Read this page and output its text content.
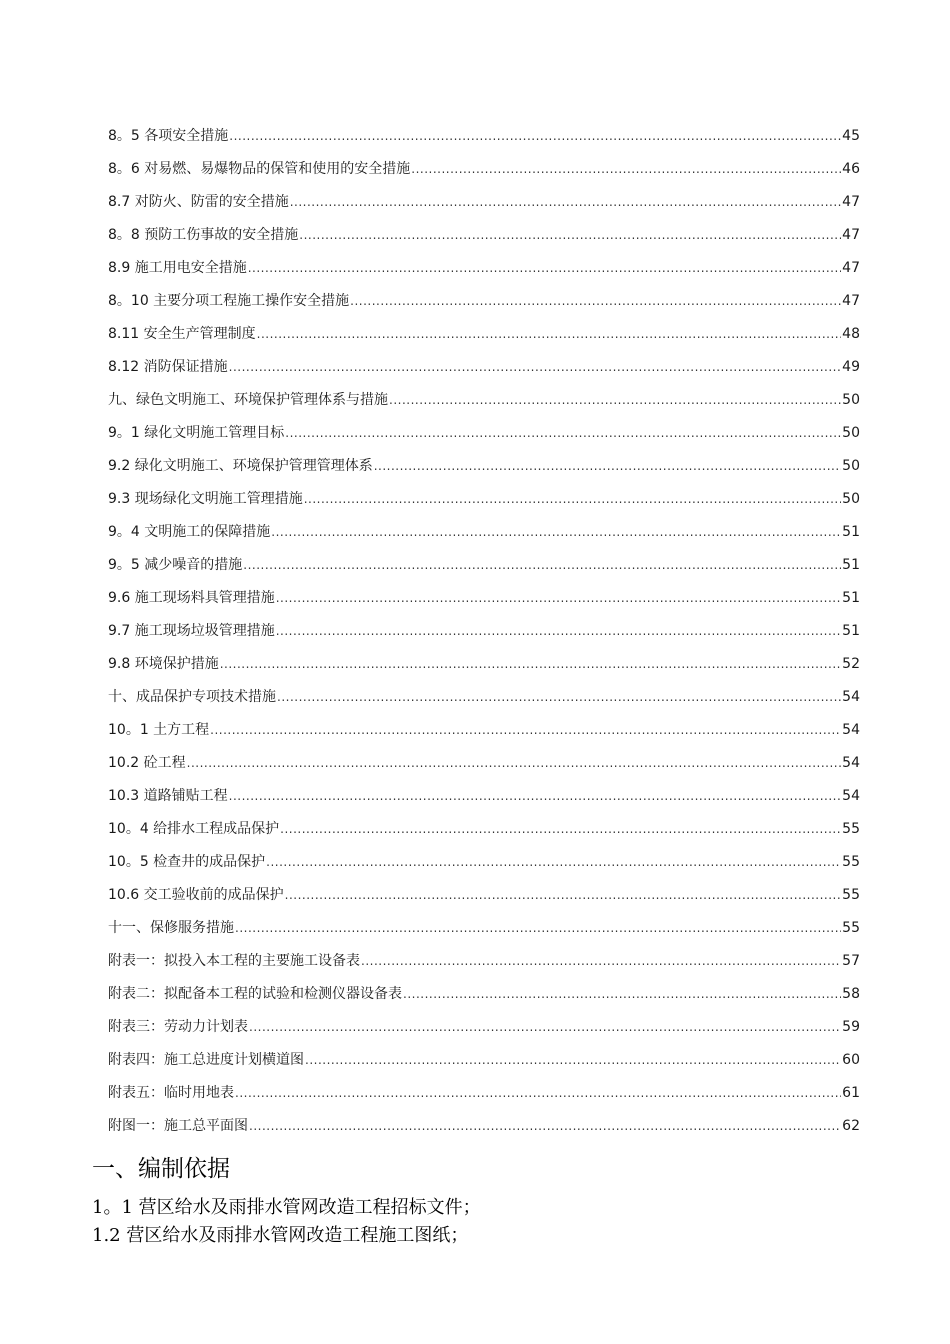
8。5 各项安全措施 .....	45
8。6 对易燃、易爆物品的保管和使用的安全措施 .....	46
8.7 对防火、防雷的安全措施 .....	47
8。8 预防工伤事故的安全措施 .....	47
8.9 施工用电安全措施 .....	47
8。10 主要分项工程施工操作安全措施 .....	47
8.11 安全生产管理制度 .....	48
8.12 消防保证措施 .....	49
九、绿色文明施工、环境保护管理体系与措施 .....	50
9。1 绿化文明施工管理目标 .....	50
9.2 绿化文明施工、环境保护管理管理体系 .....	50
9.3 现场绿化文明施工管理措施 .....	50
9。4 文明施工的保障措施 .....	51
9。5 减少噪音的措施 .....	51
9.6 施工现场料具管理措施 .....	51
9.7 施工现场垃圾管理措施 .....	51
9.8 环境保护措施 .....	52
十、成品保护专项技术措施 .....	54
10。1 土方工程 .....	54
10.2 砼工程 .....	54
10.3 道路铺贴工程 .....	54
10。4 给排水工程成品保护 .....	55
10。5 检查井的成品保护 .....	55
10.6 交工验收前的成品保护 .....	55
十一、保修服务措施 .....	55
附表一：拟投入本工程的主要施工设备表 .....	57
附表二：拟配备本工程的试验和检测仪器设备表 .....	58
附表三：劳动力计划表 .....	59
附表四：施工总进度计划横道图 .....	60
附表五：临时用地表 .....	61
附图一：施工总平面图 .....	62
一、编制依据
1。1 营区给水及雨排水管网改造工程招标文件；
1.2 营区给水及雨排水管网改造工程施工图纸；
